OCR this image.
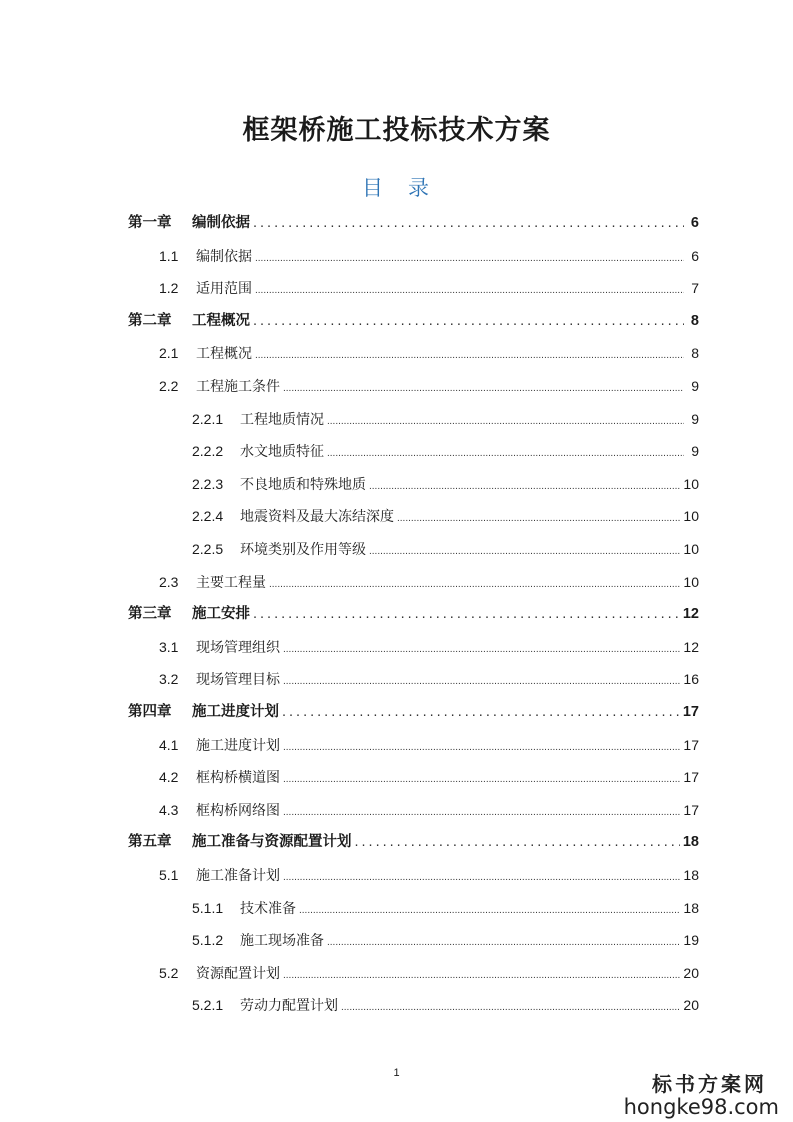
框架桥施工投标技术方案
目　录
第一章	编制依据 .....	6
1.1	编制依据 .....	6
1.2	适用范围 .....	7
第二章	工程概况 .....	8
2.1	工程概况 .....	8
2.2	工程施工条件 .....	9
2.2.1	工程地质情况 .....	9
2.2.2	水文地质特征 .....	9
2.2.3	不良地质和特殊地质 .....	10
2.2.4	地震资料及最大冻结深度 .....	10
2.2.5	环境类别及作用等级 .....	10
2.3	主要工程量 .....	10
第三章	施工安排 .....	12
3.1	现场管理组织 .....	12
3.2	现场管理目标 .....	16
第四章	施工进度计划 .....	17
4.1	施工进度计划 .....	17
4.2	框构桥横道图 .....	17
4.3	框构桥网络图 .....	17
第五章	施工准备与资源配置计划 .....	18
5.1	施工准备计划 .....	18
5.1.1	技术准备 .....	18
5.1.2	施工现场准备 .....	19
5.2	资源配置计划 .....	20
5.2.1	劳动力配置计划 .....	20
1	标书方案网
hongke98.com
